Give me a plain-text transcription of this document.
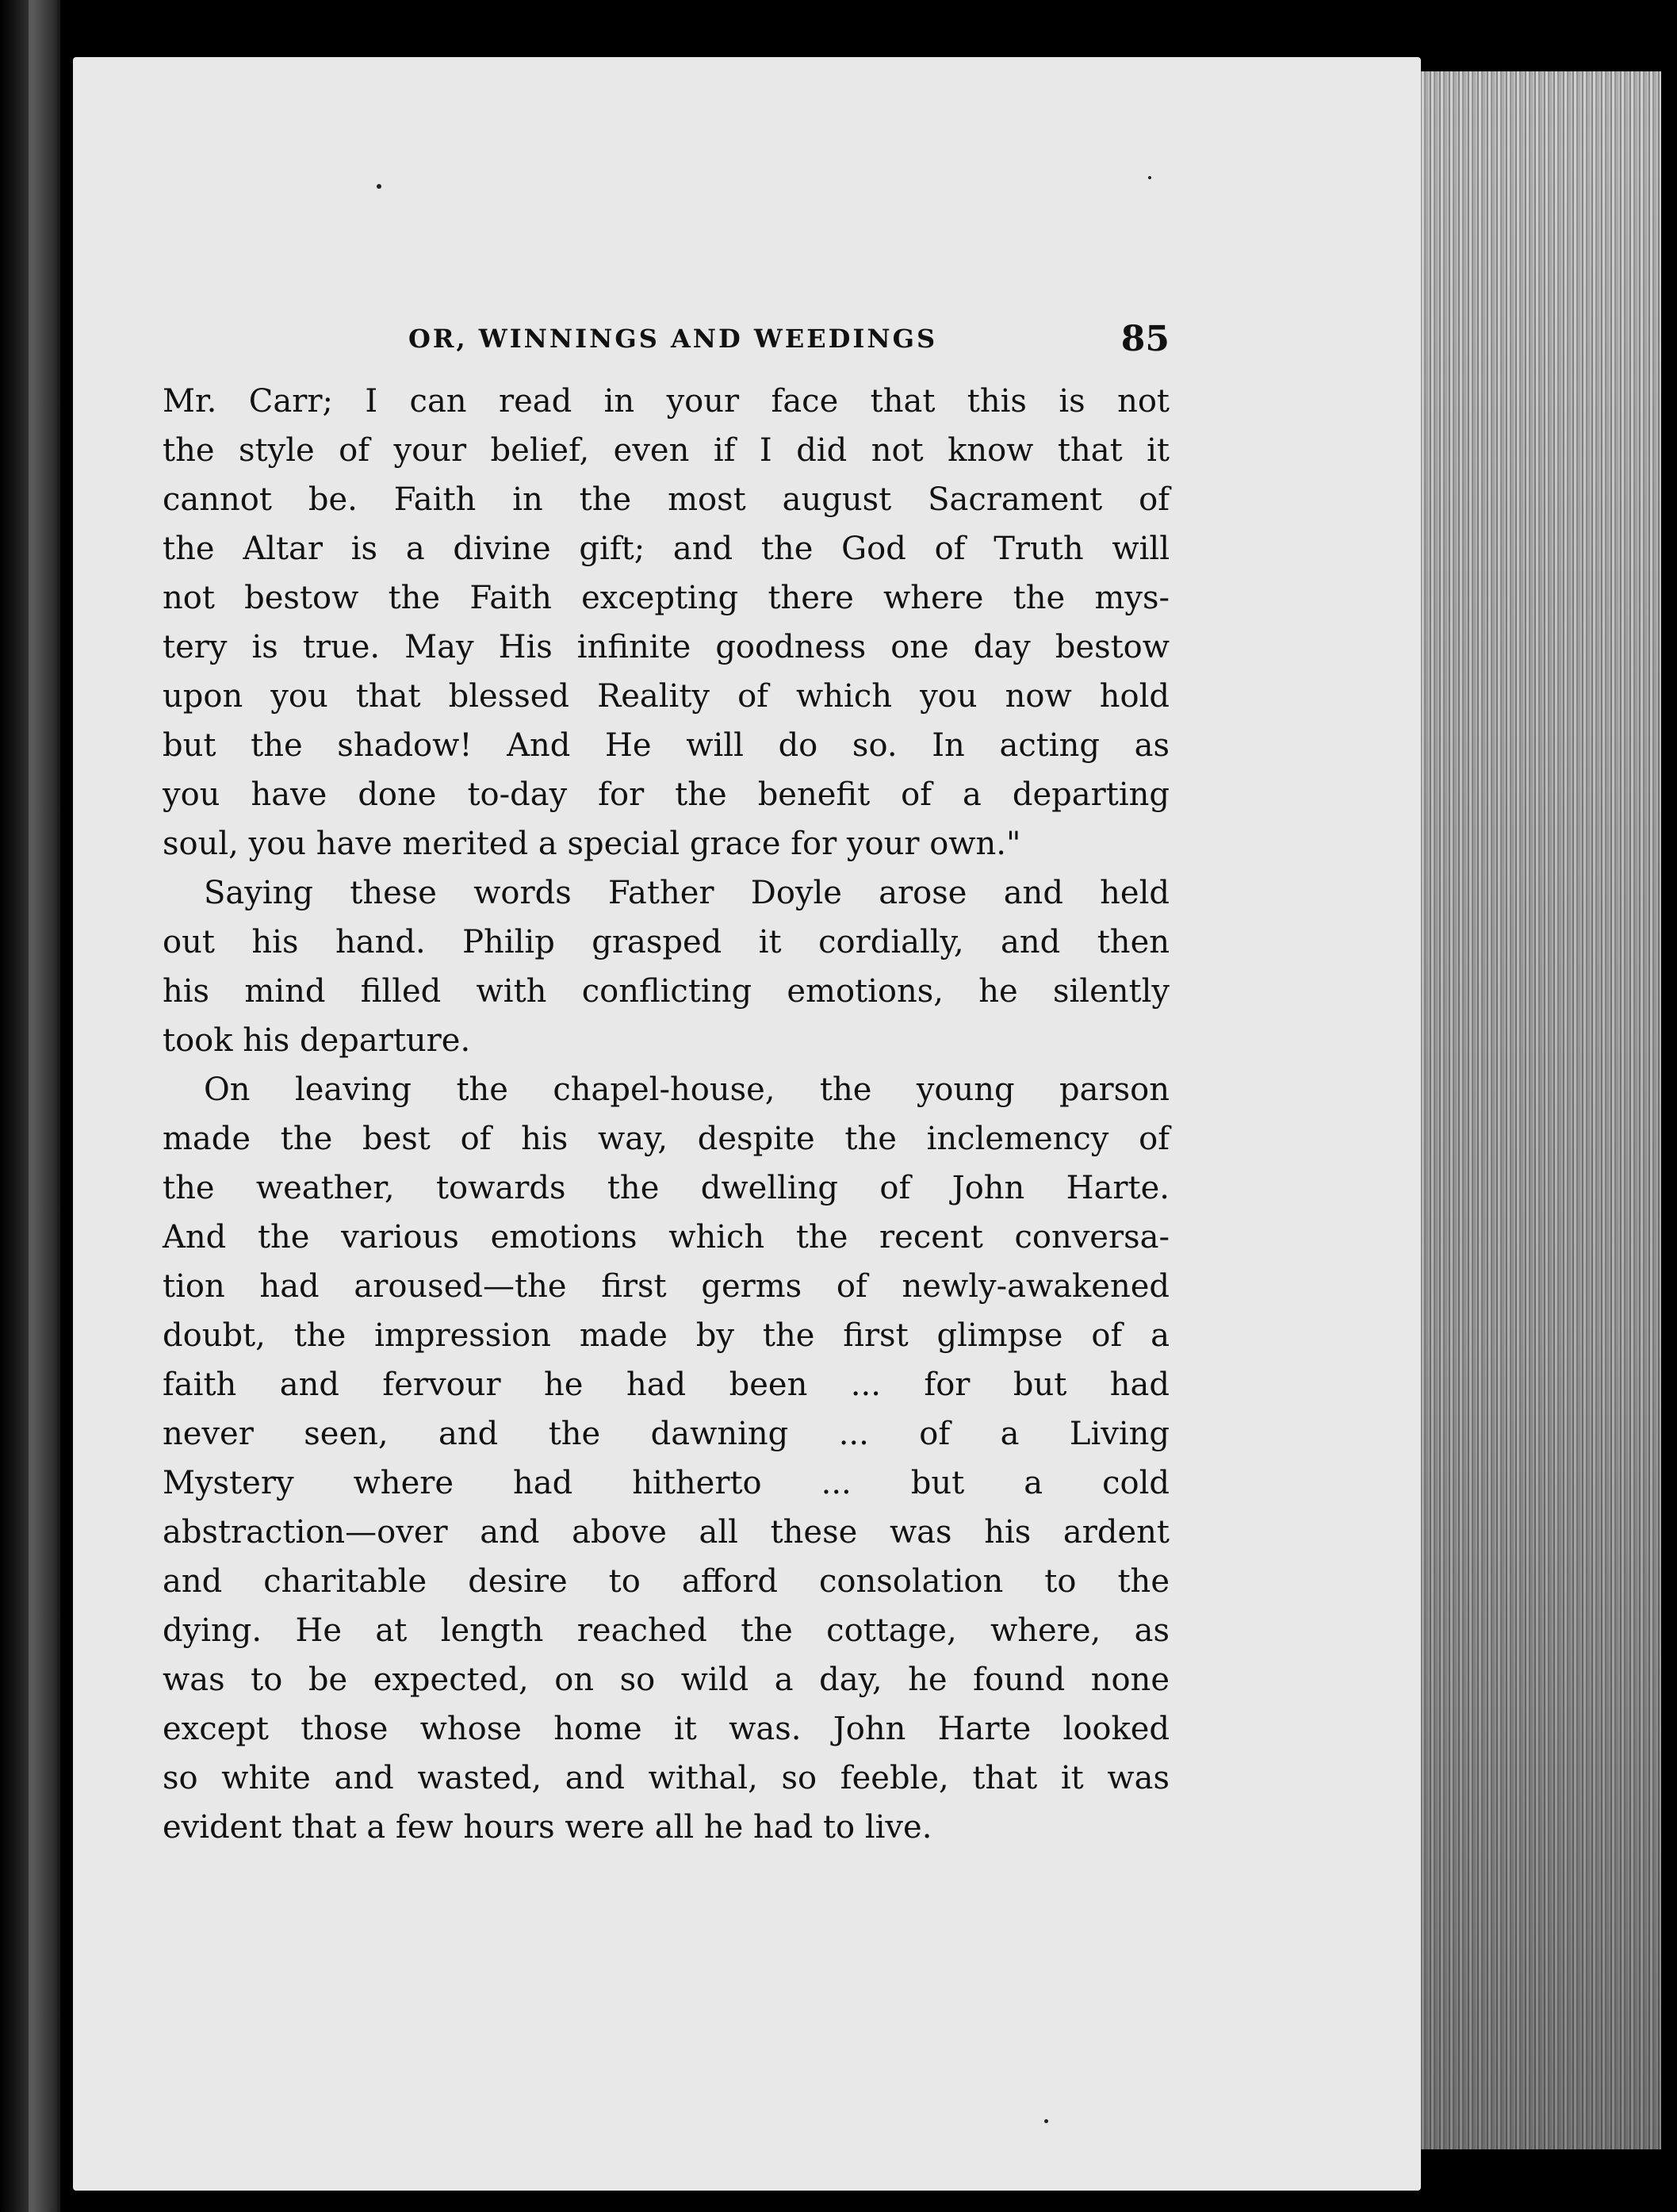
OR, WINNINGS AND WEEDINGS	85
Mr. Carr; I can read in your face that this is not
the style of your belief, even if I did not know that it
cannot be. Faith in the most august Sacrament of
the Altar is a divine gift; and the God of Truth will
not bestow the Faith excepting there where the mys-
tery is true. May His infinite goodness one day bestow
upon you that blessed Reality of which you now hold
but the shadow! And He will do so. In acting as
you have done to-day for the benefit of a departing
soul, you have merited a special grace for your own."
Saying these words Father Doyle arose and held
out his hand. Philip grasped it cordially, and then
his mind filled with conflicting emotions, he silently
took his departure.
On leaving the chapel-house, the young parson
made the best of his way, despite the inclemency of
the weather, towards the dwelling of John Harte.
And the various emotions which the recent conversa-
tion had aroused—the first germs of newly-awakened
doubt, the impression made by the first glimpse of a
faith and fervour he had been ... for but had
never seen, and the dawning ... of a Living
Mystery where had hitherto ... but a cold
abstraction—over and above all these was his ardent
and charitable desire to afford consolation to the
dying. He at length reached the cottage, where, as
was to be expected, on so wild a day, he found none
except those whose home it was. John Harte looked
so white and wasted, and withal, so feeble, that it was
evident that a few hours were all he had to live.
